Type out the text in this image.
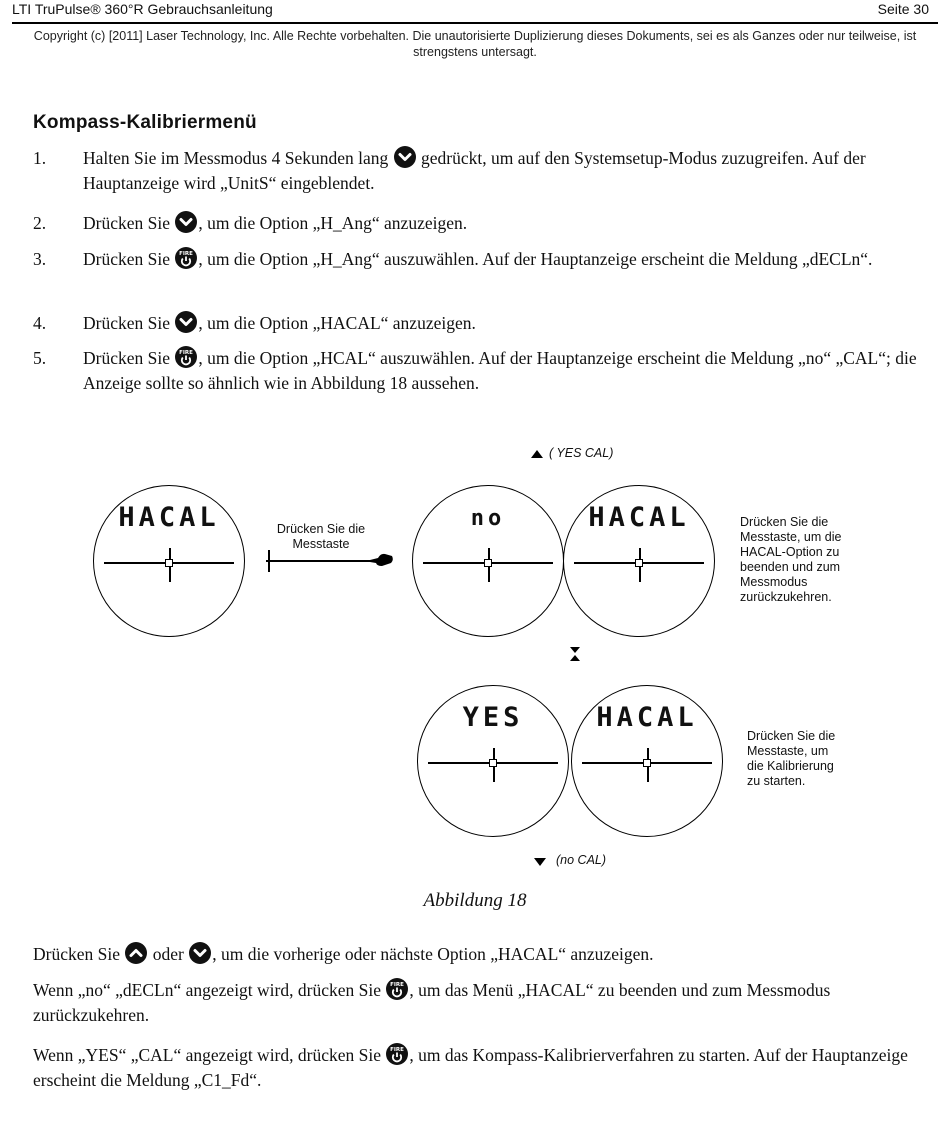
LTI TruPulse® 360°R Gebrauchsanleitung	Seite 30
Copyright (c) [2011] Laser Technology, Inc. Alle Rechte vorbehalten. Die unautorisierte Duplizierung dieses Dokuments, sei es als Ganzes oder nur teilweise, ist strengstens untersagt.
Kompass-Kalibriermenü
1. Halten Sie im Messmodus 4 Sekunden lang gedrückt, um auf den Systemsetup-Modus zuzugreifen. Auf der Hauptanzeige wird „UnitS“ eingeblendet.
2. Drücken Sie , um die Option „H_Ang“ anzuzeigen.
3. Drücken Sie FIRE , um die Option „H_Ang“ auszuwählen. Auf der Hauptanzeige erscheint die Meldung „dECLn“.
4. Drücken Sie , um die Option „HACAL“ anzuzeigen.
5. Drücken Sie FIRE , um die Option „HCAL“ auszuwählen. Auf der Hauptanzeige erscheint die Meldung „no“ „CAL“; die Anzeige sollte so ähnlich wie in Abbildung 18 aussehen.
( YES CAL)
HACAL	Drücken Sie die
Messtaste
no	HACAL	Drücken Sie die
Messtaste, um die
HACAL-Option zu
beenden und zum
Messmodus
zurückzukehren.
YES	HACAL
Drücken Sie die
Messtaste, um
die Kalibrierung
zu starten.
(no CAL)
Abbildung 18
Drücken Sie oder , um die vorherige oder nächste Option „HACAL“ anzuzeigen.
Wenn „no“ „dECLn“ angezeigt wird, drücken Sie FIRE , um das Menü „HACAL“ zu beenden und zum Messmodus zurückzukehren.
Wenn „YES“ „CAL“ angezeigt wird, drücken Sie FIRE , um das Kompass-Kalibrierverfahren zu starten. Auf der Hauptanzeige erscheint die Meldung „C1_Fd“.
